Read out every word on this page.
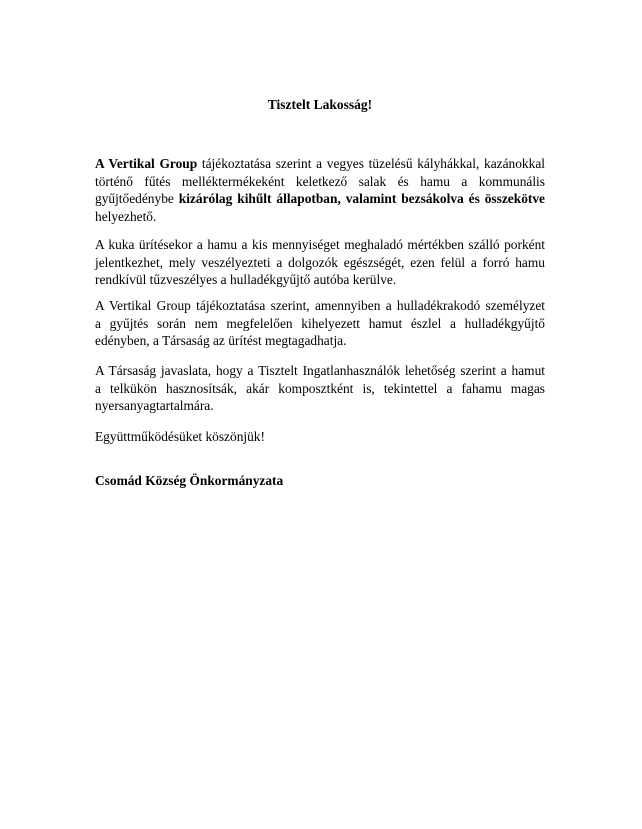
Tisztelt Lakosság!

A Vertikal Group tájékoztatása szerint a vegyes tüzelésű kályhákkal, kazánokkal
történő fűtés melléktermékeként keletkező salak és hamu a kommunális
gyűjtőedénybe kizárólag kihűlt állapotban, valamint bezsákolva és összekötve
helyezhető.

A kuka ürítésekor a hamu a kis mennyiséget meghaladó mértékben szálló porként
jelentkezhet, mely veszélyezteti a dolgozók egészségét, ezen felül a forró hamu
rendkívül tűzveszélyes a hulladékgyűjtő autóba kerülve.

A Vertikal Group tájékoztatása szerint, amennyiben a hulladékrakodó személyzet
a gyűjtés során nem megfelelően kihelyezett hamut észlel a hulladékgyűjtő
edényben, a Társaság az ürítést megtagadhatja.

A Társaság javaslata, hogy a Tisztelt Ingatlanhasználók lehetőség szerint a hamut
a telkükön hasznosítsák, akár komposztként is, tekintettel a fahamu magas
nyersanyagtartalmára.

Együttműködésüket köszönjük!

Csomád Község Önkormányzata
